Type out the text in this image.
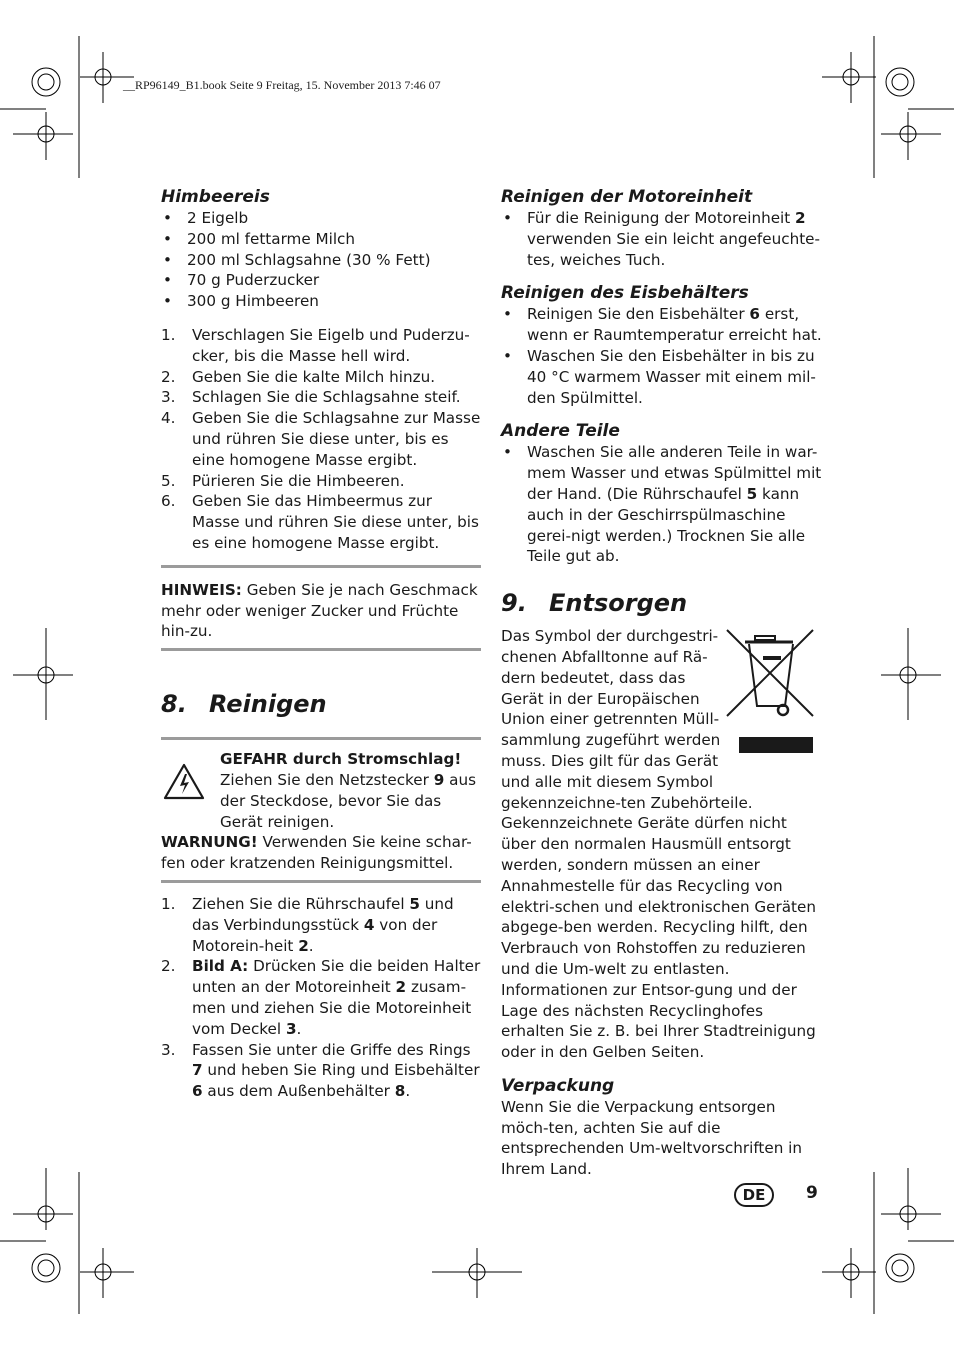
__RP96149_B1.book Seite 9 Freitag, 15. November 2013 7:46 07
Himbeereis
• 2 Eigelb
• 200 ml fettarme Milch
• 200 ml Schlagsahne (30 % Fett)
• 70 g Puderzucker
• 300 g Himbeeren
1. Verschlagen Sie Eigelb und Puderzu-cker, bis die Masse hell wird.
2. Geben Sie die kalte Milch hinzu.
3. Schlagen Sie die Schlagsahne steif.
4. Geben Sie die Schlagsahne zur Masse und rühren Sie diese unter, bis es eine homogene Masse ergibt.
5. Pürieren Sie die Himbeeren.
6. Geben Sie das Himbeermus zur Masse und rühren Sie diese unter, bis es eine homogene Masse ergibt.

HINWEIS: Geben Sie je nach Geschmack mehr oder weniger Zucker und Früchte hin-zu.

8. Reinigen
GEFAHR durch Stromschlag!
Ziehen Sie den Netzstecker 9 aus der Steckdose, bevor Sie das Gerät reinigen.

WARNUNG! Verwenden Sie keine schar-fen oder kratzenden Reinigungsmittel.

1. Ziehen Sie die Rührschaufel 5 und das Verbindungsstück 4 von der Motorein-heit 2.
2. Bild A: Drücken Sie die beiden Halter unten an der Motoreinheit 2 zusam-men und ziehen Sie die Motoreinheit vom Deckel 3.
3. Fassen Sie unter die Griffe des Rings 7 und heben Sie Ring und Eisbehälter 6 aus dem Außenbehälter 8.
Reinigen der Motoreinheit
• Für die Reinigung der Motoreinheit 2 verwenden Sie ein leicht angefeuchte-tes, weiches Tuch.
Reinigen des Eisbehälters
• Reinigen Sie den Eisbehälter 6 erst, wenn er Raumtemperatur erreicht hat.
• Waschen Sie den Eisbehälter in bis zu 40 °C warmem Wasser mit einem mil-den Spülmittel.
Andere Teile
• Waschen Sie alle anderen Teile in war-mem Wasser und etwas Spülmittel mit der Hand. (Die Rührschaufel 5 kann auch in der Geschirrspülmaschine gerei-nigt werden.) Trocknen Sie alle Teile gut ab.
9. Entsorgen
Das Symbol der durchgestri-
chenen Abfalltonne auf Rä-
dern bedeutet, dass das
Gerät in der Europäischen
Union einer getrennten Müll-
sammlung zugeführt werden
muss. Dies gilt für das Gerät

und alle mit diesem Symbol gekennzeichne-ten Zubehörteile. Gekennzeichnete Geräte dürfen nicht über den normalen Hausmüll entsorgt werden, sondern müssen an einer Annahmestelle für das Recycling von elektri-schen und elektronischen Geräten abgege-ben werden. Recycling hilft, den Verbrauch von Rohstoffen zu reduzieren und die Um-welt zu entlasten. Informationen zur Entsor-gung und der Lage des nächsten Recyclinghofes erhalten Sie z. B. bei Ihrer Stadtreinigung oder in den Gelben Seiten.

Verpackung

Wenn Sie die Verpackung entsorgen möch-ten, achten Sie auf die entsprechenden Um-weltvorschriften in Ihrem Land.

DE	9
